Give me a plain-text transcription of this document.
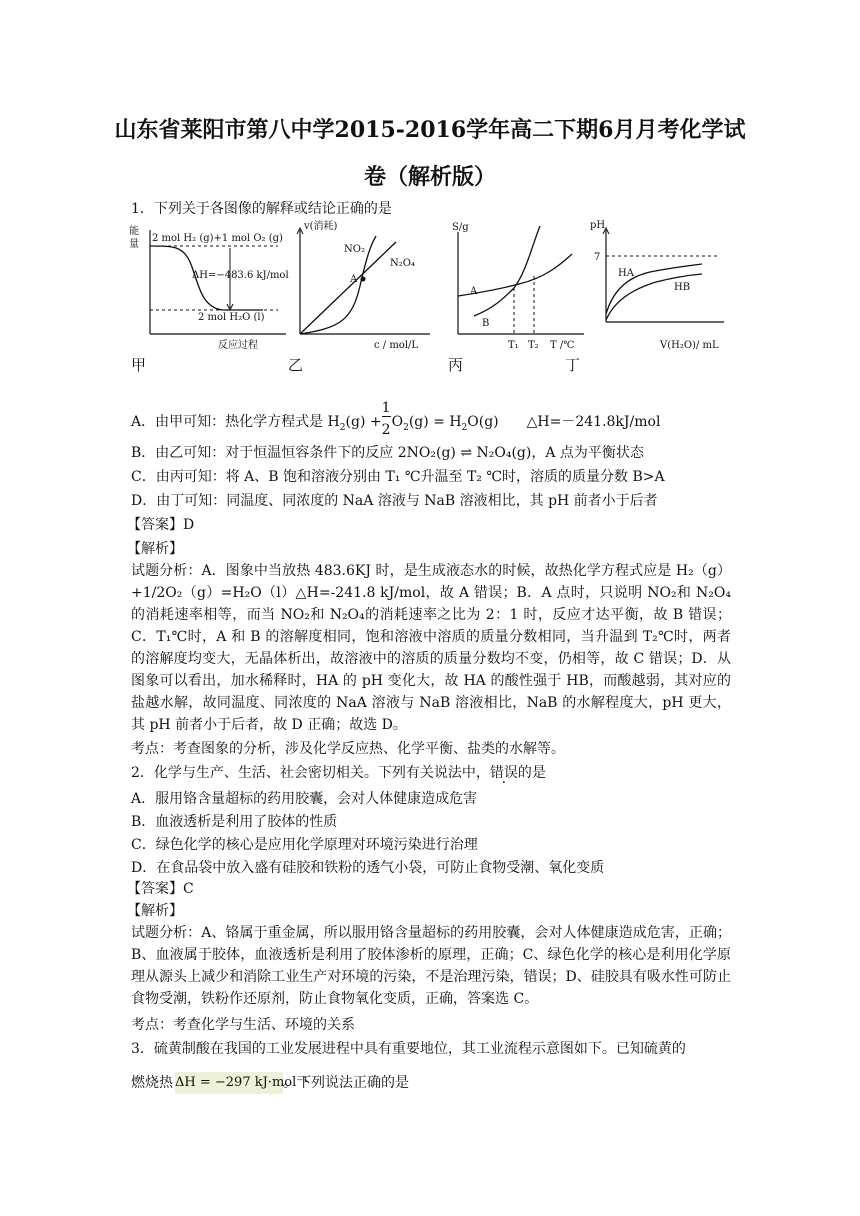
山东省莱阳市第八中学2015-2016学年高二下期6月月考化学试
卷（解析版）
1．下列关于各图像的解释或结论正确的是
能
量
2 mol H₂ (g)+1 mol O₂ (g)
ΔH=−483.6 kJ/mol
2 mol H₂O (l)
反应过程
v(消耗)
A
NO₂
N₂O₄
c / mol/L
S/g
A
B
T₁ T₂ T /℃
pH
7
HA
HB
V(H₂O)/ mL
甲	乙	丙	丁
A．由甲可知：热化学方程式是 $H_2(g)$ +
1
2 $O_2(g) = H_2O(g)$　　△H=－241.8kJ/mol
B．由乙可知：对于恒温恒容条件下的反应 2NO₂(g) ⇌ N₂O₄(g)，A 点为平衡状态
C．由丙可知：将 A、B 饱和溶液分别由 T₁ ℃升温至 T₂ ℃时，溶质的质量分数 B>A
D．由丁可知：同温度、同浓度的 NaA 溶液与 NaB 溶液相比，其 pH 前者小于后者
【答案】D
【解析】
试题分析：A．图象中当放热 483.6KJ 时，是生成液态水的时候，故热化学方程式应是 H₂（g）+1/2O₂（g）=H₂O（l）△H=-241.8 kJ/mol，故 A 错误；B．A 点时，只说明 NO₂和 N₂O₄的消耗速率相等，而当 NO₂和 N₂O₄的消耗速率之比为 2：1 时，反应才达平衡，故 B 错误；C．T₁℃时，A 和 B 的溶解度相同，饱和溶液中溶质的质量分数相同，当升温到 T₂℃时，两者的溶解度均变大，无晶体析出，故溶液中的溶质的质量分数均不变，仍相等，故 C 错误；D．从图象可以看出，加水稀释时，HA 的 pH 变化大，故 HA 的酸性强于 HB，而酸越弱，其对应的盐越水解，故同温度、同浓度的 NaA 溶液与 NaB 溶液相比，NaB 的水解程度大，pH 更大，其 pH 前者小于后者，故 D 正确；故选 D。
考点：考查图象的分析，涉及化学反应热、化学平衡、盐类的水解等。
2．化学与生产、生活、社会密切相关。下列有关说法中，错误的是
A．服用铬含量超标的药用胶囊，会对人体健康造成危害
B．血液透析是利用了胶体的性质
C．绿色化学的核心是应用化学原理对环境污染进行治理
D．在食品袋中放入盛有硅胶和铁粉的透气小袋，可防止食物受潮、氧化变质
【答案】C
【解析】
试题分析：A、铬属于重金属，所以服用铬含量超标的药用胶囊，会对人体健康造成危害，正确；B、血液属于胶体，血液透析是利用了胶体渗析的原理，正确；C、绿色化学的核心是利用化学原理从源头上减少和消除工业生产对环境的污染，不是治理污染，错误；D、硅胶具有吸水性可防止食物受潮，铁粉作还原剂，防止食物氧化变质，正确，答案选 C。
考点：考查化学与生活、环境的关系
3．硫黄制酸在我国的工业发展进程中具有重要地位，其工业流程示意图如下。已知硫黄的
燃烧热 ΔH = −297 kJ·mol⁻¹。下列说法正确的是
